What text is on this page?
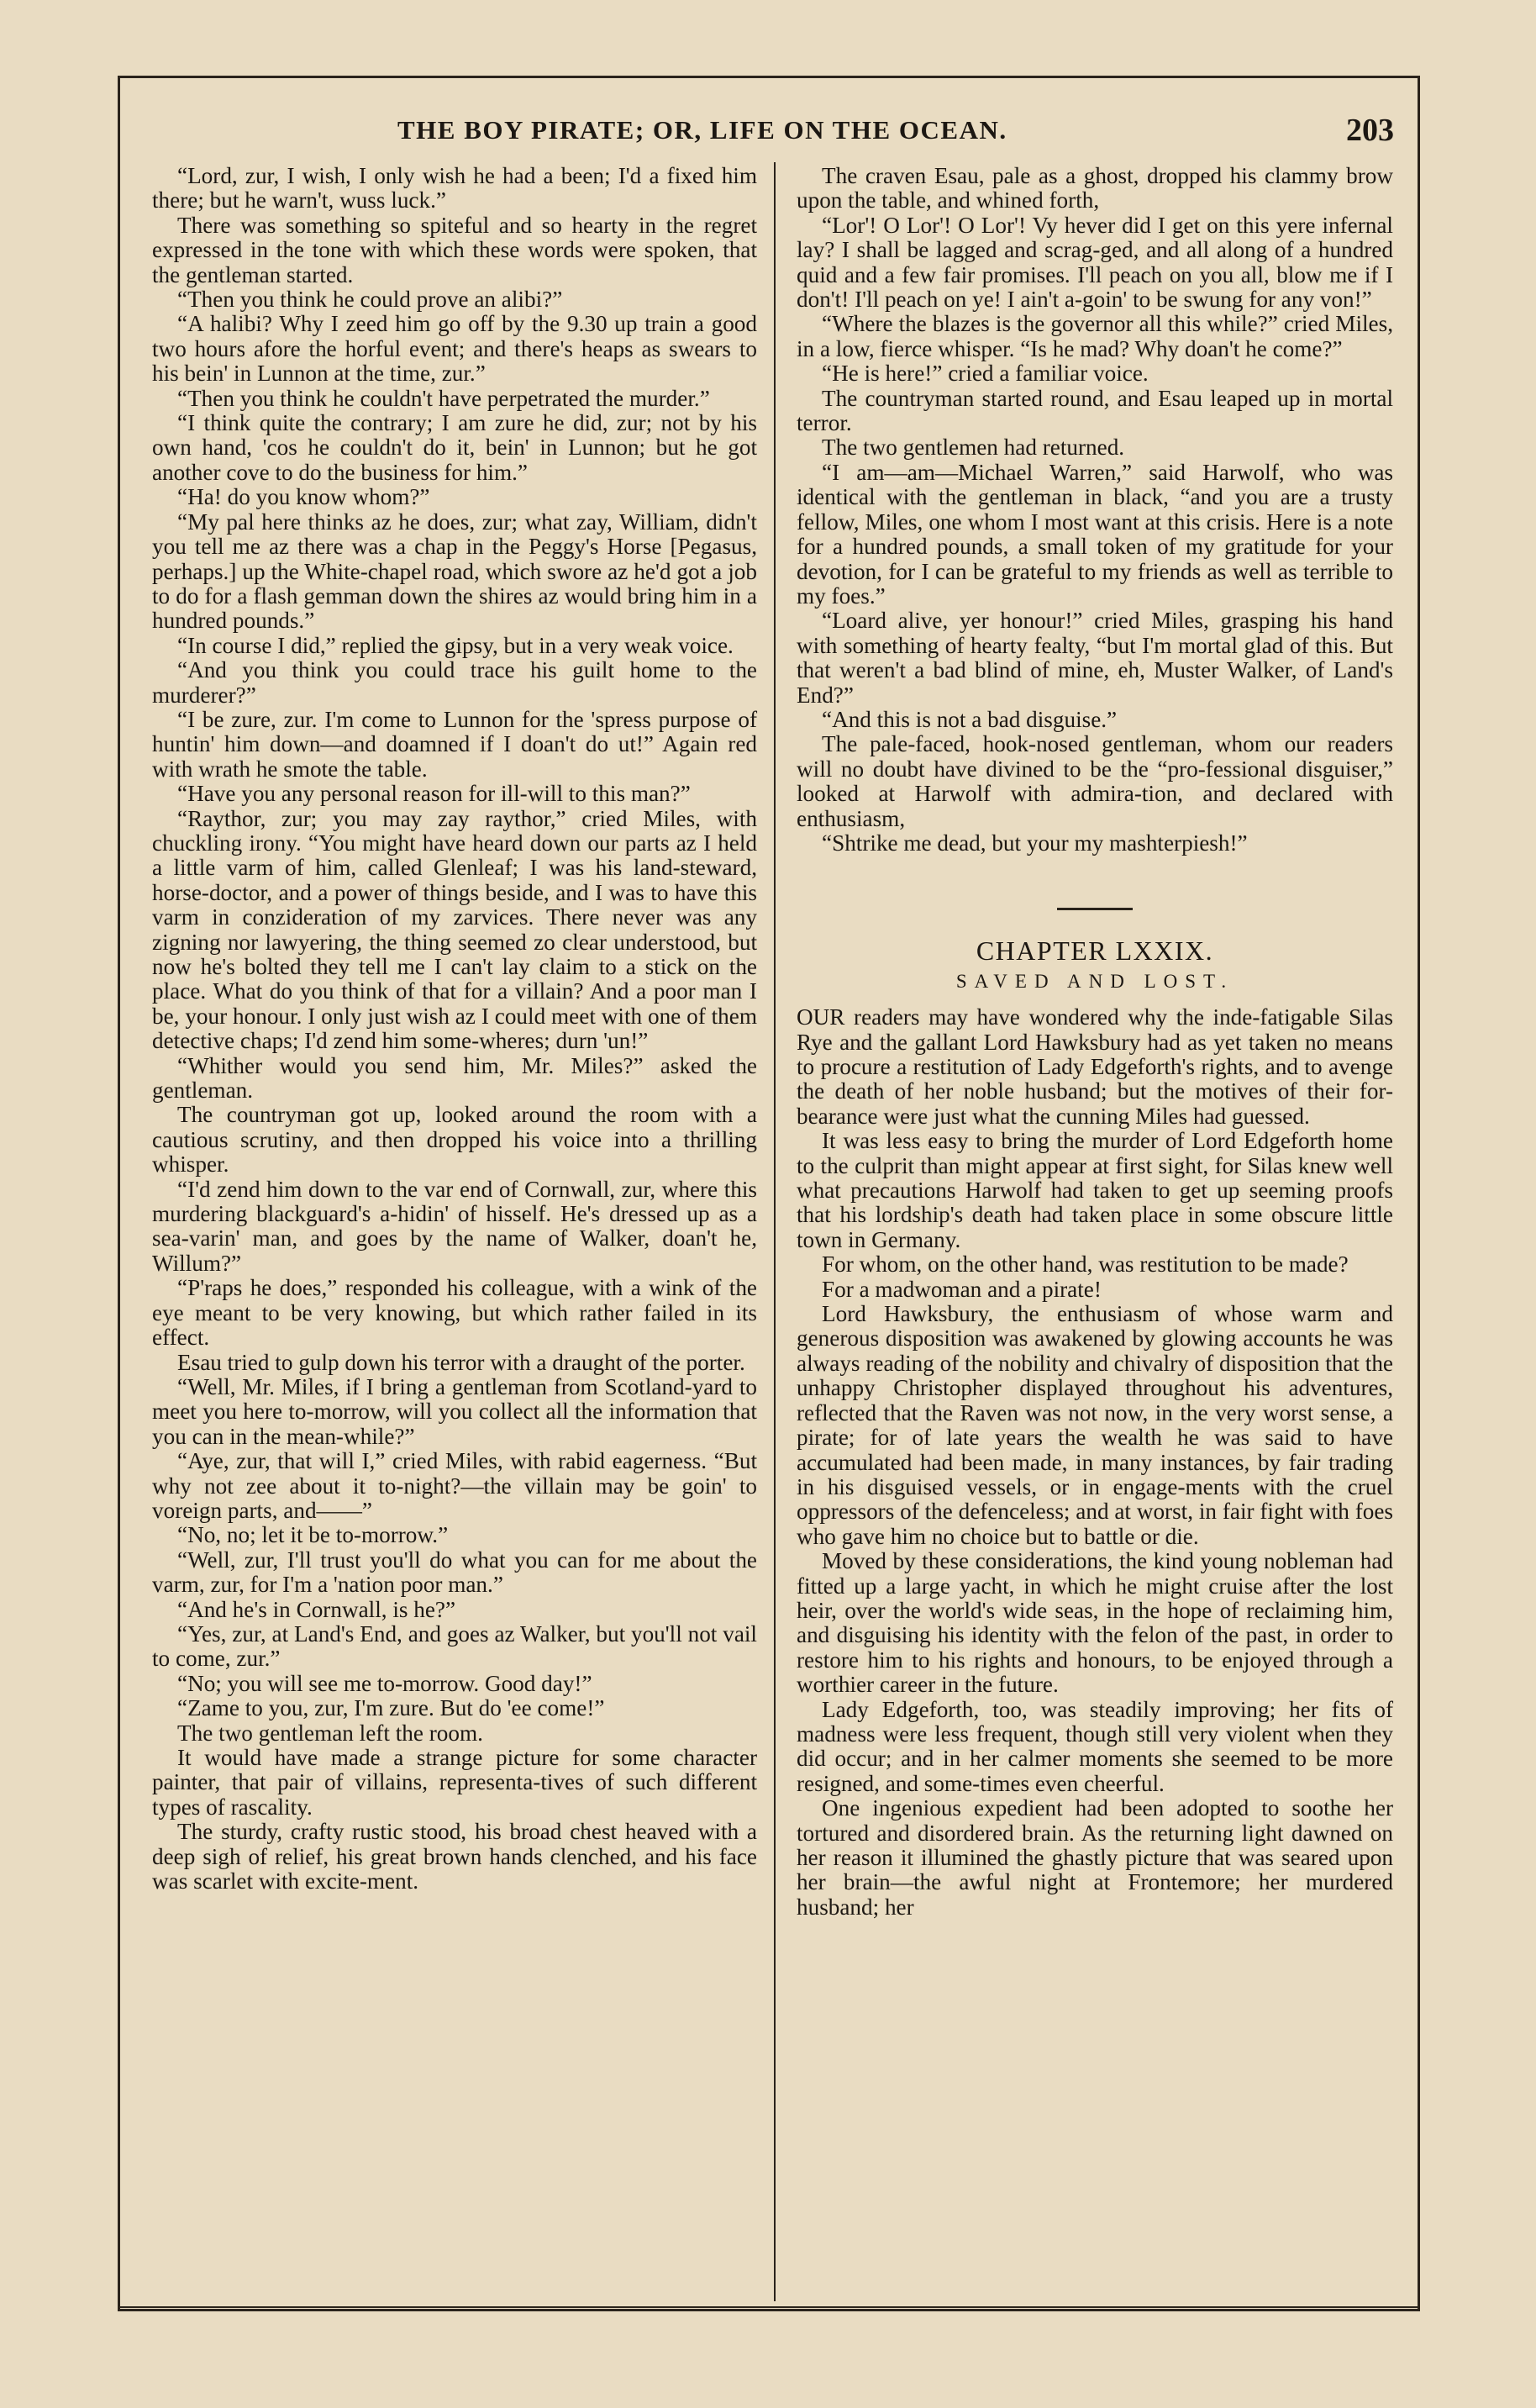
THE BOY PIRATE; OR, LIFE ON THE OCEAN.	203

“Lord, zur, I wish, I only wish he had a been; I'd a fixed him there; but he warn't, wuss luck.”

There was something so spiteful and so hearty in the regret expressed in the tone with which these words were spoken, that the gentleman started.

“Then you think he could prove an alibi?”

“A halibi? Why I zeed him go off by the 9.30 up train a good two hours afore the horful event; and there's heaps as swears to his bein' in Lunnon at the time, zur.”

“Then you think he couldn't have perpetrated the murder.”

“I think quite the contrary; I am zure he did, zur; not by his own hand, 'cos he couldn't do it, bein' in Lunnon; but he got another cove to do the business for him.”

“Ha! do you know whom?”

“My pal here thinks az he does, zur; what zay, William, didn't you tell me az there was a chap in the Peggy's Horse [Pegasus, perhaps.] up the White-chapel road, which swore az he'd got a job to do for a flash gemman down the shires az would bring him in a hundred pounds.”

“In course I did,” replied the gipsy, but in a very weak voice.

“And you think you could trace his guilt home to the murderer?”

“I be zure, zur. I'm come to Lunnon for the 'spress purpose of huntin' him down—and doamned if I doan't do ut!” Again red with wrath he smote the table.

“Have you any personal reason for ill-will to this man?”

“Raythor, zur; you may zay raythor,” cried Miles, with chuckling irony. “You might have heard down our parts az I held a little varm of him, called Glenleaf; I was his land-steward, horse-doctor, and a power of things beside, and I was to have this varm in conzideration of my zarvices. There never was any zigning nor lawyering, the thing seemed zo clear understood, but now he's bolted they tell me I can't lay claim to a stick on the place. What do you think of that for a villain? And a poor man I be, your honour. I only just wish az I could meet with one of them detective chaps; I'd zend him some-wheres; durn 'un!”

“Whither would you send him, Mr. Miles?” asked the gentleman.

The countryman got up, looked around the room with a cautious scrutiny, and then dropped his voice into a thrilling whisper.

“I'd zend him down to the var end of Cornwall, zur, where this murdering blackguard's a-hidin' of hisself. He's dressed up as a sea-varin' man, and goes by the name of Walker, doan't he, Willum?”

“P'raps he does,” responded his colleague, with a wink of the eye meant to be very knowing, but which rather failed in its effect.

Esau tried to gulp down his terror with a draught of the porter.

“Well, Mr. Miles, if I bring a gentleman from Scotland-yard to meet you here to-morrow, will you collect all the information that you can in the mean-while?”

“Aye, zur, that will I,” cried Miles, with rabid eagerness. “But why not zee about it to-night?—the villain may be goin' to voreign parts, and——”

“No, no; let it be to-morrow.”

“Well, zur, I'll trust you'll do what you can for me about the varm, zur, for I'm a 'nation poor man.”

“And he's in Cornwall, is he?”

“Yes, zur, at Land's End, and goes az Walker, but you'll not vail to come, zur.”

“No; you will see me to-morrow. Good day!”

“Zame to you, zur, I'm zure. But do 'ee come!”

The two gentleman left the room.

It would have made a strange picture for some character painter, that pair of villains, representa-tives of such different types of rascality.

The sturdy, crafty rustic stood, his broad chest heaved with a deep sigh of relief, his great brown hands clenched, and his face was scarlet with excite-ment.

The craven Esau, pale as a ghost, dropped his clammy brow upon the table, and whined forth,

“Lor'! O Lor'! O Lor'! Vy hever did I get on this yere infernal lay? I shall be lagged and scrag-ged, and all along of a hundred quid and a few fair promises. I'll peach on you all, blow me if I don't! I'll peach on ye! I ain't a-goin' to be swung for any von!”

“Where the blazes is the governor all this while?” cried Miles, in a low, fierce whisper. “Is he mad? Why doan't he come?”

“He is here!” cried a familiar voice.

The countryman started round, and Esau leaped up in mortal terror.

The two gentlemen had returned.

“I am—am—Michael Warren,” said Harwolf, who was identical with the gentleman in black, “and you are a trusty fellow, Miles, one whom I most want at this crisis. Here is a note for a hundred pounds, a small token of my gratitude for your devotion, for I can be grateful to my friends as well as terrible to my foes.”

“Loard alive, yer honour!” cried Miles, grasping his hand with something of hearty fealty, “but I'm mortal glad of this. But that weren't a bad blind of mine, eh, Muster Walker, of Land's End?”

“And this is not a bad disguise.”

The pale-faced, hook-nosed gentleman, whom our readers will no doubt have divined to be the “pro-fessional disguiser,” looked at Harwolf with admira-tion, and declared with enthusiasm,

“Shtrike me dead, but your my mashterpiesh!”

CHAPTER LXXIX.
SAVED AND LOST.

OUR readers may have wondered why the inde-fatigable Silas Rye and the gallant Lord Hawksbury had as yet taken no means to procure a restitution of Lady Edgeforth's rights, and to avenge the death of her noble husband; but the motives of their for-bearance were just what the cunning Miles had guessed.

It was less easy to bring the murder of Lord Edgeforth home to the culprit than might appear at first sight, for Silas knew well what precautions Harwolf had taken to get up seeming proofs that his lordship's death had taken place in some obscure little town in Germany.

For whom, on the other hand, was restitution to be made?

For a madwoman and a pirate!

Lord Hawksbury, the enthusiasm of whose warm and generous disposition was awakened by glowing accounts he was always reading of the nobility and chivalry of disposition that the unhappy Christopher displayed throughout his adventures, reflected that the Raven was not now, in the very worst sense, a pirate; for of late years the wealth he was said to have accumulated had been made, in many instances, by fair trading in his disguised vessels, or in engage-ments with the cruel oppressors of the defenceless; and at worst, in fair fight with foes who gave him no choice but to battle or die.

Moved by these considerations, the kind young nobleman had fitted up a large yacht, in which he might cruise after the lost heir, over the world's wide seas, in the hope of reclaiming him, and disguising his identity with the felon of the past, in order to restore him to his rights and honours, to be enjoyed through a worthier career in the future.

Lady Edgeforth, too, was steadily improving; her fits of madness were less frequent, though still very violent when they did occur; and in her calmer moments she seemed to be more resigned, and some-times even cheerful.

One ingenious expedient had been adopted to soothe her tortured and disordered brain. As the returning light dawned on her reason it illumined the ghastly picture that was seared upon her brain—the awful night at Frontemore; her murdered husband; her
